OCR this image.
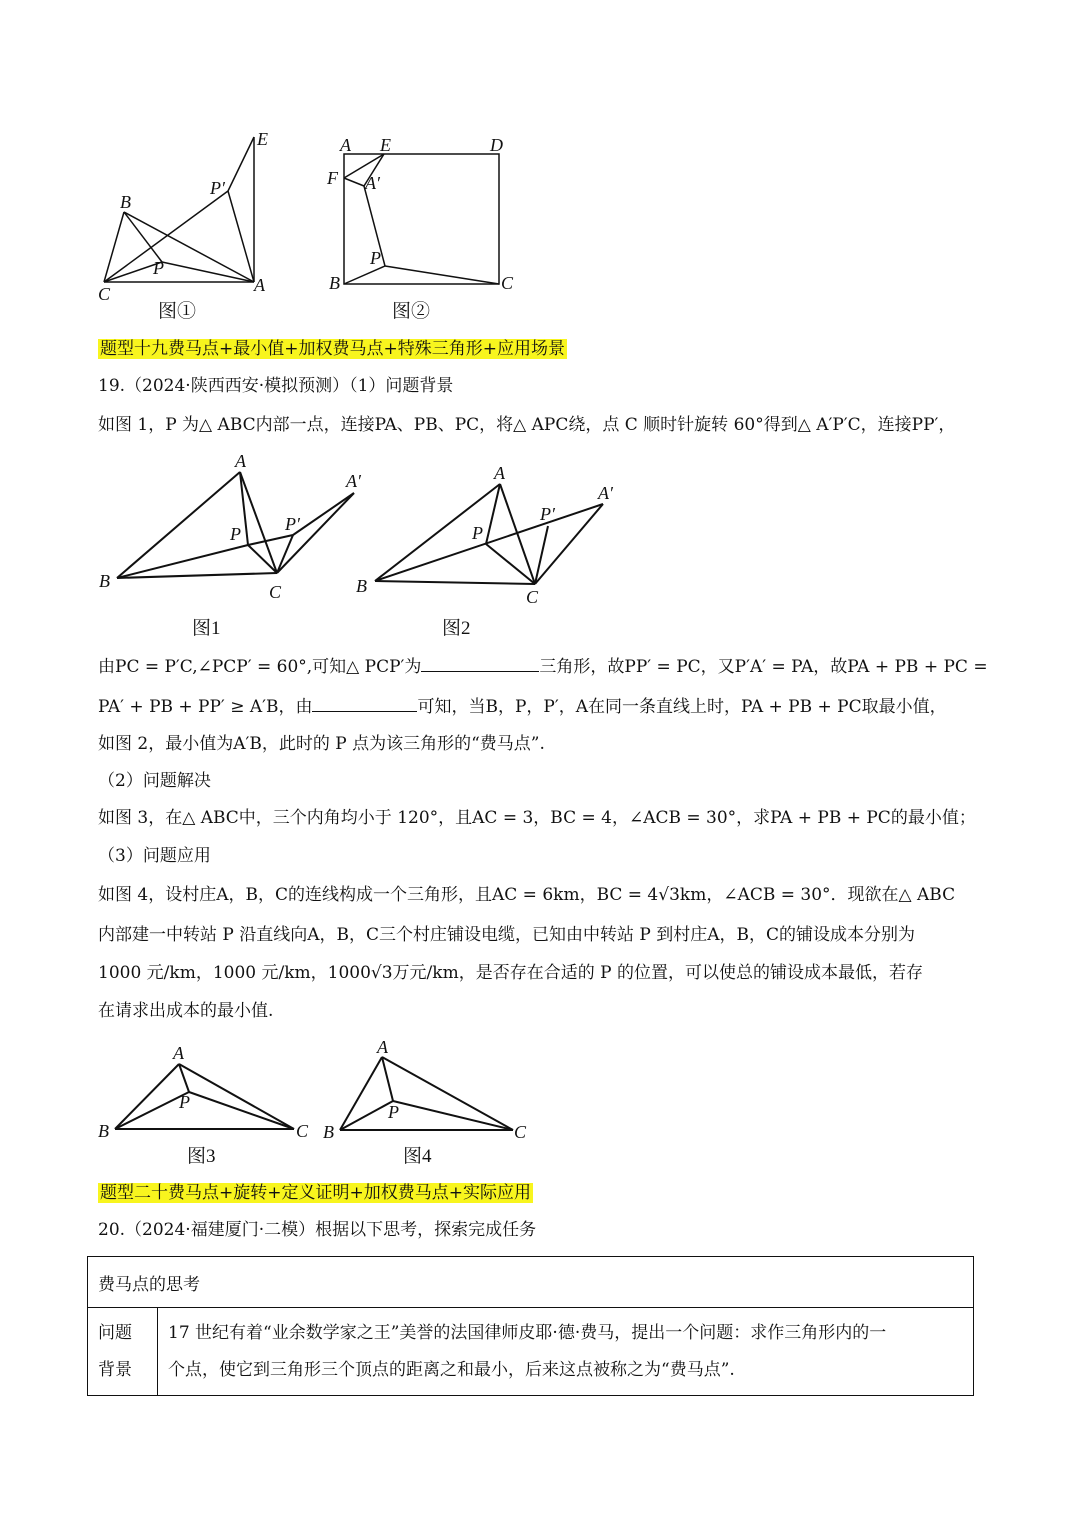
E
B
P′
P
C	A
图①
A E	D
F A′
P
B	C
图②
题型十九费马点+最小值+加权费马点+特殊三角形+应用场景
19.（2024·陕西西安·模拟预测）（1）问题背景
如图 1，P 为△ ABC内部一点，连接PA、PB、PC，将△ APC绕，点 C 顺时针旋转 60°得到△ A′P′C，连接PP′，
A
A′
P P′
B
C
图1
A
A′
P
P′
B
C
图2
由PC = P′C,∠PCP′ = 60°,可知△ PCP′为	三角形，故PP′ = PC，又P′A′ = PA，故PA + PB + PC =
PA′ + PB + PP′ ≥ A′B，由	可知，当B，P，P′，A在同一条直线上时，PA + PB + PC取最小值，
如图 2，最小值为A′B，此时的 P 点为该三角形的“费马点”.
（2）问题解决
如图 3，在△ ABC中，三个内角均小于 120°，且AC = 3，BC = 4，∠ACB = 30°，求PA + PB + PC的最小值；
（3）问题应用
如图 4，设村庄A，B，C的连线构成一个三角形，且AC = 6km，BC = 4√3km，∠ACB = 30°．现欲在△ ABC
内部建一中转站 P 沿直线向A，B，C三个村庄铺设电缆，已知由中转站 P 到村庄A，B，C的铺设成本分别为
1000 元/km，1000 元/km，1000√3万元/km，是否存在合适的 P 的位置，可以使总的铺设成本最低，若存
在请求出成本的最小值.
A
P
B	C
图3
A
P
B	C
图4
题型二十费马点+旋转+定义证明+加权费马点+实际应用
20.（2024·福建厦门·二模）根据以下思考，探索完成任务
费马点的思考

问题
背景

17 世纪有着“业余数学家之王”美誉的法国律师皮耶·德·费马，提出一个问题：求作三角形内的一
个点，使它到三角形三个顶点的距离之和最小，后来这点被称之为“费马点”.
